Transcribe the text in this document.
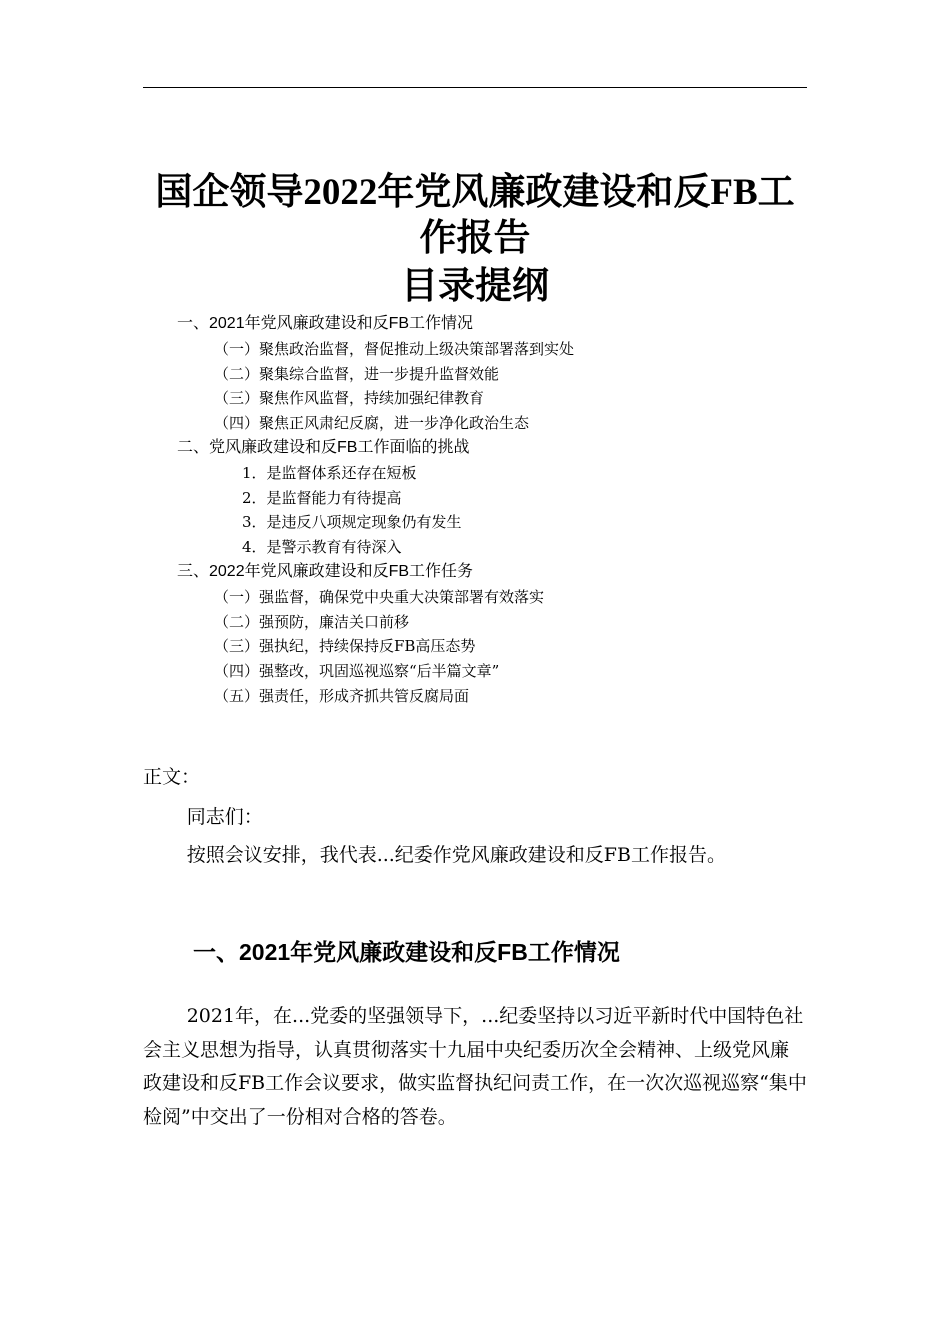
国企领导2022年党风廉政建设和反FB工
作报告
目录提纲
一、2021年党风廉政建设和反FB工作情况
（一）聚焦政治监督，督促推动上级决策部署落到实处
（二）聚集综合监督，进一步提升监督效能
（三）聚焦作风监督，持续加强纪律教育
（四）聚焦正风肃纪反腐，进一步净化政治生态
二、党风廉政建设和反FB工作面临的挑战
1．是监督体系还存在短板
2．是监督能力有待提高
3．是违反八项规定现象仍有发生
4．是警示教育有待深入
三、2022年党风廉政建设和反FB工作任务
（一）强监督，确保党中央重大决策部署有效落实
（二）强预防，廉洁关口前移
（三）强执纪，持续保持反FB高压态势
（四）强整改，巩固巡视巡察“后半篇文章”
（五）强责任，形成齐抓共管反腐局面

正文：

同志们：

按照会议安排，我代表...纪委作党风廉政建设和反FB工作报告。

一、2021年党风廉政建设和反FB工作情况

2021年，在...党委的坚强领导下，...纪委坚持以习近平新时代中国特色社会主义思想为指导，认真贯彻落实十九届中央纪委历次全会精神、上级党风廉政建设和反FB工作会议要求，做实监督执纪问责工作，在一次次巡视巡察“集中检阅”中交出了一份相对合格的答卷。
